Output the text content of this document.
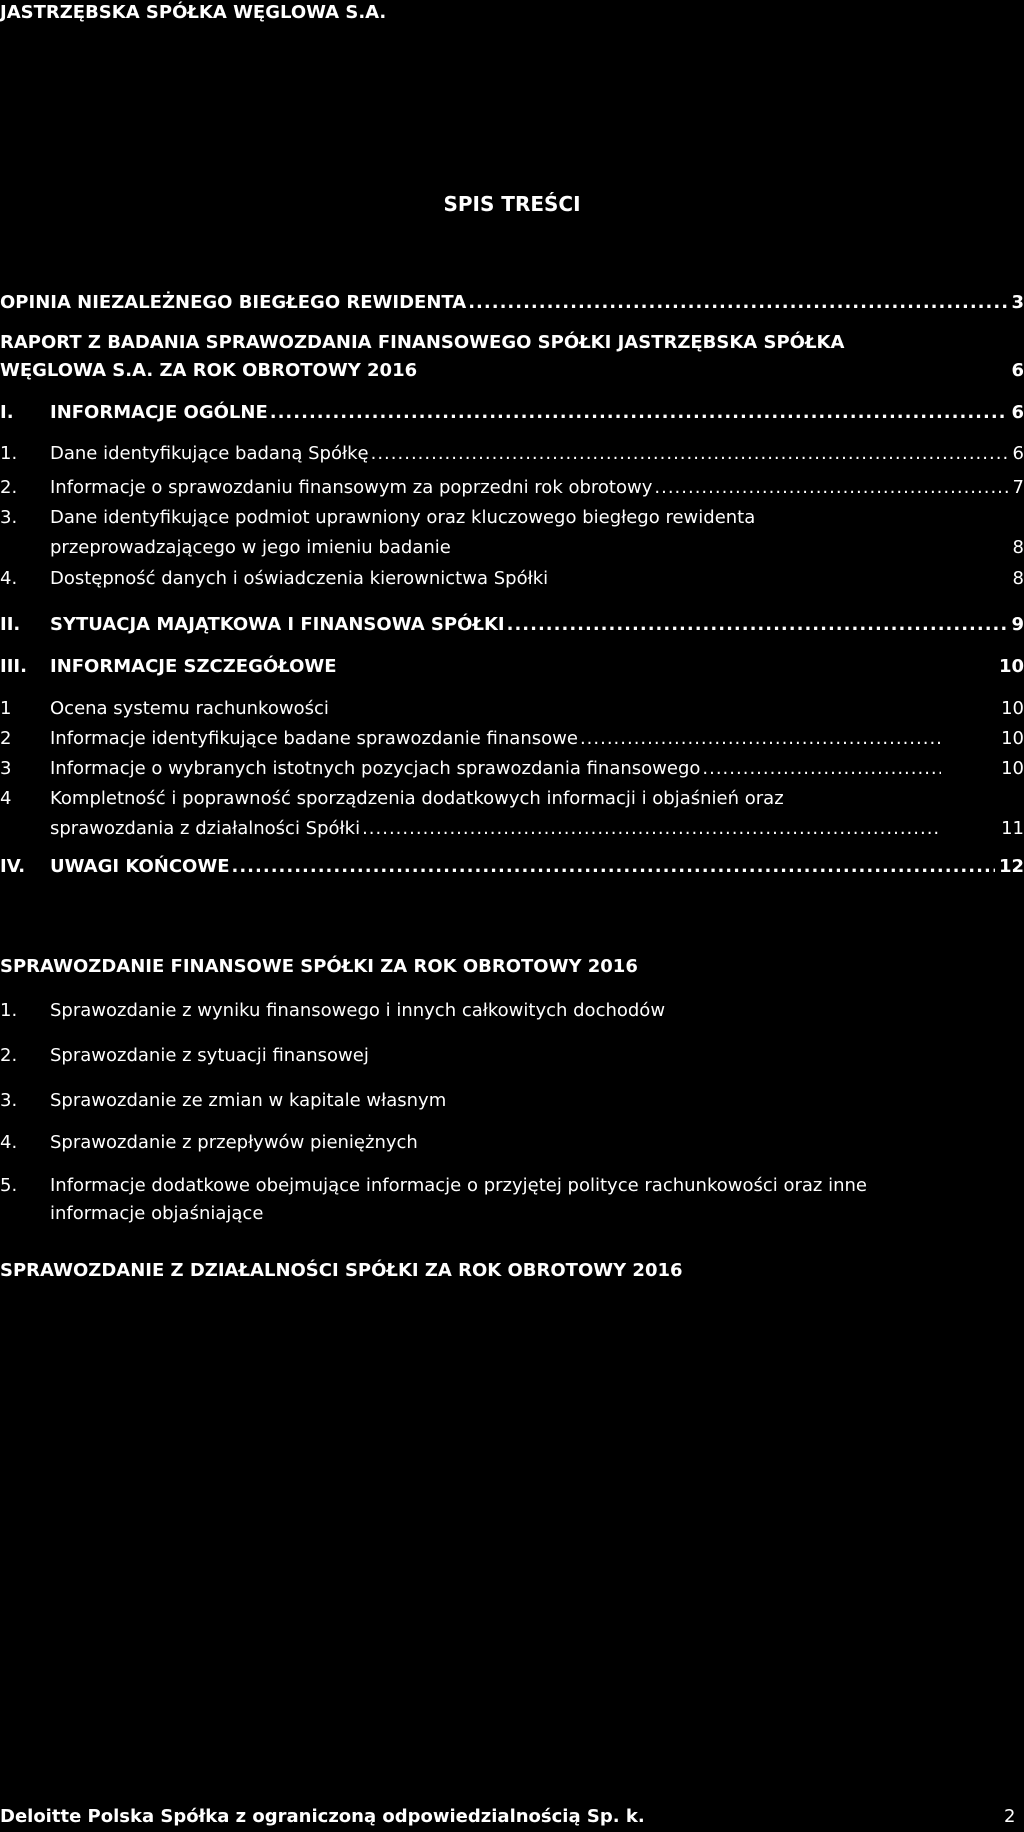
JASTRZĘBSKA SPÓŁKA WĘGLOWA S.A.
SPIS TREŚCI
OPINIA NIEZALEŻNEGO BIEGŁEGO REWIDENTA .....	3
RAPORT Z BADANIA SPRAWOZDANIA FINANSOWEGO SPÓŁKI JASTRZĘBSKA SPÓŁKA
WĘGLOWA S.A. ZA ROK OBROTOWY 2016	6
I. INFORMACJE OGÓLNE .....	6
1. Dane identyfikujące badaną Spółkę .....	6
2. Informacje o sprawozdaniu finansowym za poprzedni rok obrotowy .....	7
3. Dane identyfikujące podmiot uprawniony oraz kluczowego biegłego rewidenta
przeprowadzającego w jego imieniu badanie	8
4. Dostępność danych i oświadczenia kierownictwa Spółki	8
II. SYTUACJA MAJĄTKOWA I FINANSOWA SPÓŁKI .....	9
III. INFORMACJE SZCZEGÓŁOWE	10
1 Ocena systemu rachunkowości	10
2 Informacje identyfikujące badane sprawozdanie finansowe .....	10
3 Informacje o wybranych istotnych pozycjach sprawozdania finansowego .....	10
4 Kompletność i poprawność sporządzenia dodatkowych informacji i objaśnień oraz
sprawozdania z działalności Spółki .....	11
IV. UWAGI KOŃCOWE .....	12
SPRAWOZDANIE FINANSOWE SPÓŁKI ZA ROK OBROTOWY 2016
1. Sprawozdanie z wyniku finansowego i innych całkowitych dochodów
2. Sprawozdanie z sytuacji finansowej
3. Sprawozdanie ze zmian w kapitale własnym
4. Sprawozdanie z przepływów pieniężnych
5. Informacje dodatkowe obejmujące informacje o przyjętej polityce rachunkowości oraz inne
informacje objaśniające
SPRAWOZDANIE Z DZIAŁALNOŚCI SPÓŁKI ZA ROK OBROTOWY 2016
Deloitte Polska Spółka z ograniczoną odpowiedzialnością Sp. k.	2
